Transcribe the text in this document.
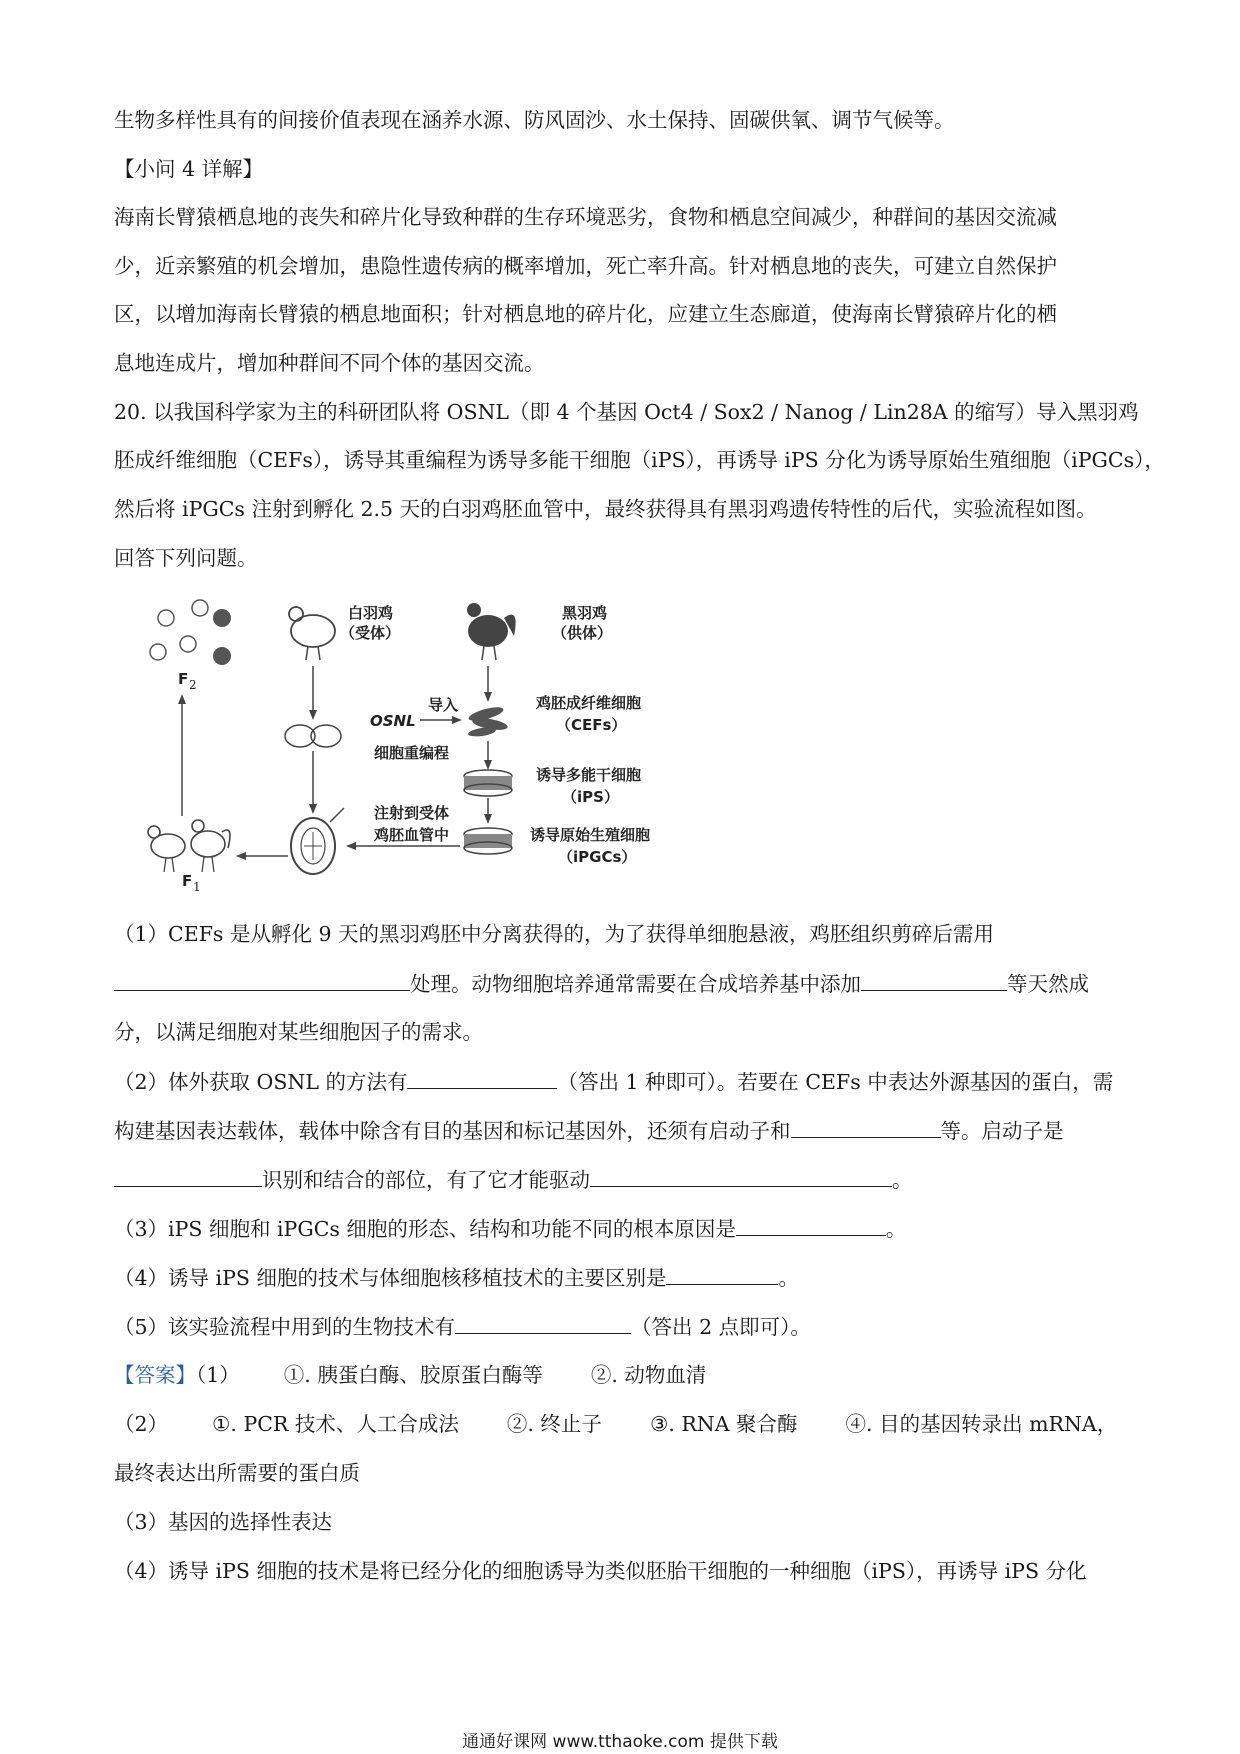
生物多样性具有的间接价值表现在涵养水源、防风固沙、水土保持、固碳供氧、调节气候等。
【小问 4 详解】
海南长臂猿栖息地的丧失和碎片化导致种群的生存环境恶劣，食物和栖息空间减少，种群间的基因交流减
少，近亲繁殖的机会增加，患隐性遗传病的概率增加，死亡率升高。针对栖息地的丧失，可建立自然保护
区，以增加海南长臂猿的栖息地面积；针对栖息地的碎片化，应建立生态廊道，使海南长臂猿碎片化的栖
息地连成片，增加种群间不同个体的基因交流。
20. 以我国科学家为主的科研团队将 OSNL（即 4 个基因 Oct4 / Sox2 / Nanog / Lin28A 的缩写）导入黑羽鸡
胚成纤维细胞（CEFs），诱导其重编程为诱导多能干细胞（iPS），再诱导 iPS 分化为诱导原始生殖细胞（iPGCs），
然后将 iPGCs 注射到孵化 2.5 天的白羽鸡胚血管中，最终获得具有黑羽鸡遗传特性的后代，实验流程如图。
回答下列问题。
F 2
白羽鸡
（受体）
黑羽鸡
（供体）
OSNL
导入	鸡胚成纤维细胞
（CEFs）
细胞重编程
诱导多能干细胞
（iPS）
诱导原始生殖细胞
（iPGCs）
注射到受体
鸡胚血管中
F 1
（1）CEFs 是从孵化 9 天的黑羽鸡胚中分离获得的，为了获得单细胞悬液，鸡胚组织剪碎后需用
处理。动物细胞培养通常需要在合成培养基中添加	等天然成
分，以满足细胞对某些细胞因子的需求。
（2）体外获取 OSNL 的方法有	（答出 1 种即可）。若要在 CEFs 中表达外源基因的蛋白，需
构建基因表达载体，载体中除含有目的基因和标记基因外，还须有启动子和	等。启动子是
识别和结合的部位，有了它才能驱动	。
（3）iPS 细胞和 iPGCs 细胞的形态、结构和功能不同的根本原因是	。
（4）诱导 iPS 细胞的技术与体细胞核移植技术的主要区别是	。
（5）该实验流程中用到的生物技术有	（答出 2 点即可）。
【答案】（1） ①. 胰蛋白酶、胶原蛋白酶等 ②. 动物血清
（2） ①. PCR 技术、人工合成法 ②. 终止子 ③. RNA 聚合酶 ④. 目的基因转录出 mRNA，
最终表达出所需要的蛋白质
（3）基因的选择性表达
（4）诱导 iPS 细胞的技术是将已经分化的细胞诱导为类似胚胎干细胞的一种细胞（iPS），再诱导 iPS 分化
通通好课网 www.tthaoke.com 提供下载
